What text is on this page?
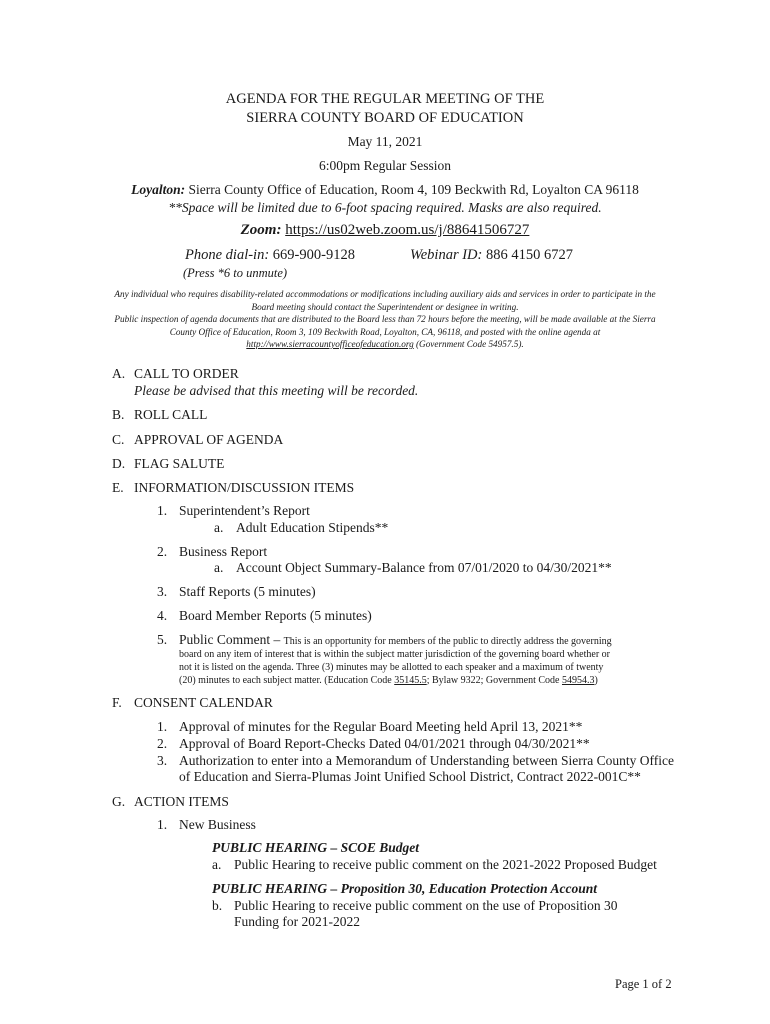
AGENDA FOR THE REGULAR MEETING OF THE
SIERRA COUNTY BOARD OF EDUCATION
May 11, 2021
6:00pm Regular Session
Loyalton: Sierra County Office of Education, Room 4, 109 Beckwith Rd, Loyalton CA 96118
**Space will be limited due to 6-foot spacing required. Masks are also required.
Zoom: https://us02web.zoom.us/j/88641506727
Phone dial-in: 669-900-9128	Webinar ID: 886 4150 6727
(Press *6 to unmute)
Any individual who requires disability-related accommodations or modifications including auxiliary aids and services in order to participate in the
Board meeting should contact the Superintendent or designee in writing.
Public inspection of agenda documents that are distributed to the Board less than 72 hours before the meeting, will be made available at the Sierra
County Office of Education, Room 3, 109 Beckwith Road, Loyalton, CA, 96118, and posted with the online agenda at
http://www.sierracountyofficeofeducation.org (Government Code 54957.5).
A. CALL TO ORDER
Please be advised that this meeting will be recorded.
B. ROLL CALL
C. APPROVAL OF AGENDA
D. FLAG SALUTE
E. INFORMATION/DISCUSSION ITEMS
1. Superintendent’s Report
a. Adult Education Stipends**
2. Business Report
a. Account Object Summary-Balance from 07/01/2020 to 04/30/2021**
3. Staff Reports (5 minutes)
4. Board Member Reports (5 minutes)
5. Public Comment – This is an opportunity for members of the public to directly address the governing
board on any item of interest that is within the subject matter jurisdiction of the governing board whether or
not it is listed on the agenda. Three (3) minutes may be allotted to each speaker and a maximum of twenty
(20) minutes to each subject matter. (Education Code 35145.5; Bylaw 9322; Government Code 54954.3)
F. CONSENT CALENDAR
1. Approval of minutes for the Regular Board Meeting held April 13, 2021**
2. Approval of Board Report-Checks Dated 04/01/2021 through 04/30/2021**
3. Authorization to enter into a Memorandum of Understanding between Sierra County Office
of Education and Sierra-Plumas Joint Unified School District, Contract 2022-001C**
G. ACTION ITEMS
1. New Business
PUBLIC HEARING – SCOE Budget
a. Public Hearing to receive public comment on the 2021-2022 Proposed Budget
PUBLIC HEARING – Proposition 30, Education Protection Account
b. Public Hearing to receive public comment on the use of Proposition 30
Funding for 2021-2022
Page 1 of 2
